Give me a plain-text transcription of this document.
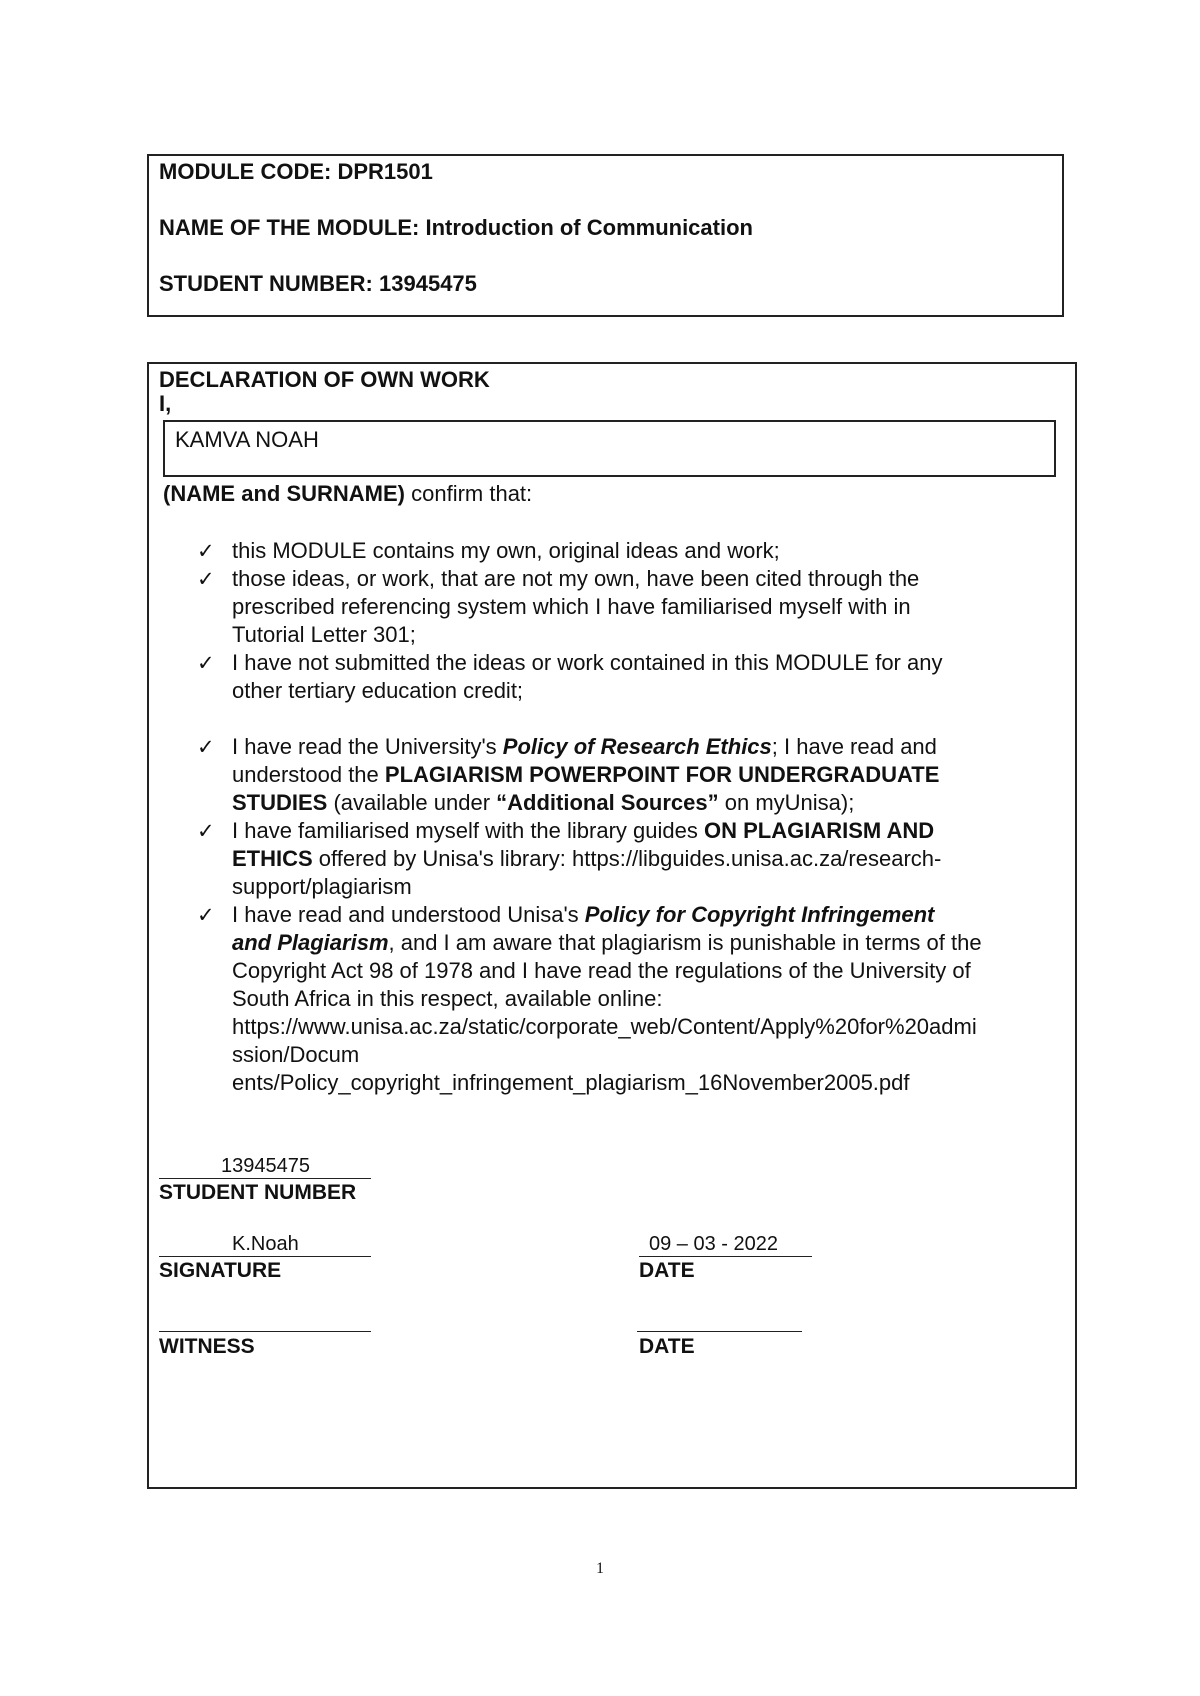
MODULE CODE: DPR1501
NAME OF THE MODULE: Introduction of Communication
STUDENT NUMBER: 13945475
DECLARATION OF OWN WORK
I,
KAMVA NOAH
(NAME and SURNAME) confirm that:
✓ this MODULE contains my own, original ideas and work;
✓ those ideas, or work, that are not my own, have been cited through the
prescribed referencing system which I have familiarised myself with in
Tutorial Letter 301;
✓ I have not submitted the ideas or work contained in this MODULE for any
other tertiary education credit;
✓ I have read the University's Policy of Research Ethics; I have read and
understood the PLAGIARISM POWERPOINT FOR UNDERGRADUATE
STUDIES (available under “Additional Sources” on myUnisa);
✓ I have familiarised myself with the library guides ON PLAGIARISM AND
ETHICS offered by Unisa's library: https://libguides.unisa.ac.za/research-
support/plagiarism
✓ I have read and understood Unisa's Policy for Copyright Infringement
and Plagiarism, and I am aware that plagiarism is punishable in terms of the
Copyright Act 98 of 1978 and I have read the regulations of the University of
South Africa in this respect, available online:
https://www.unisa.ac.za/static/corporate_web/Content/Apply%20for%20admi
ssion/Docum
ents/Policy_copyright_infringement_plagiarism_16November2005.pdf
13945475
STUDENT NUMBER
K.Noah
SIGNATURE
09 – 03 - 2022
DATE
WITNESS	DATE
1
